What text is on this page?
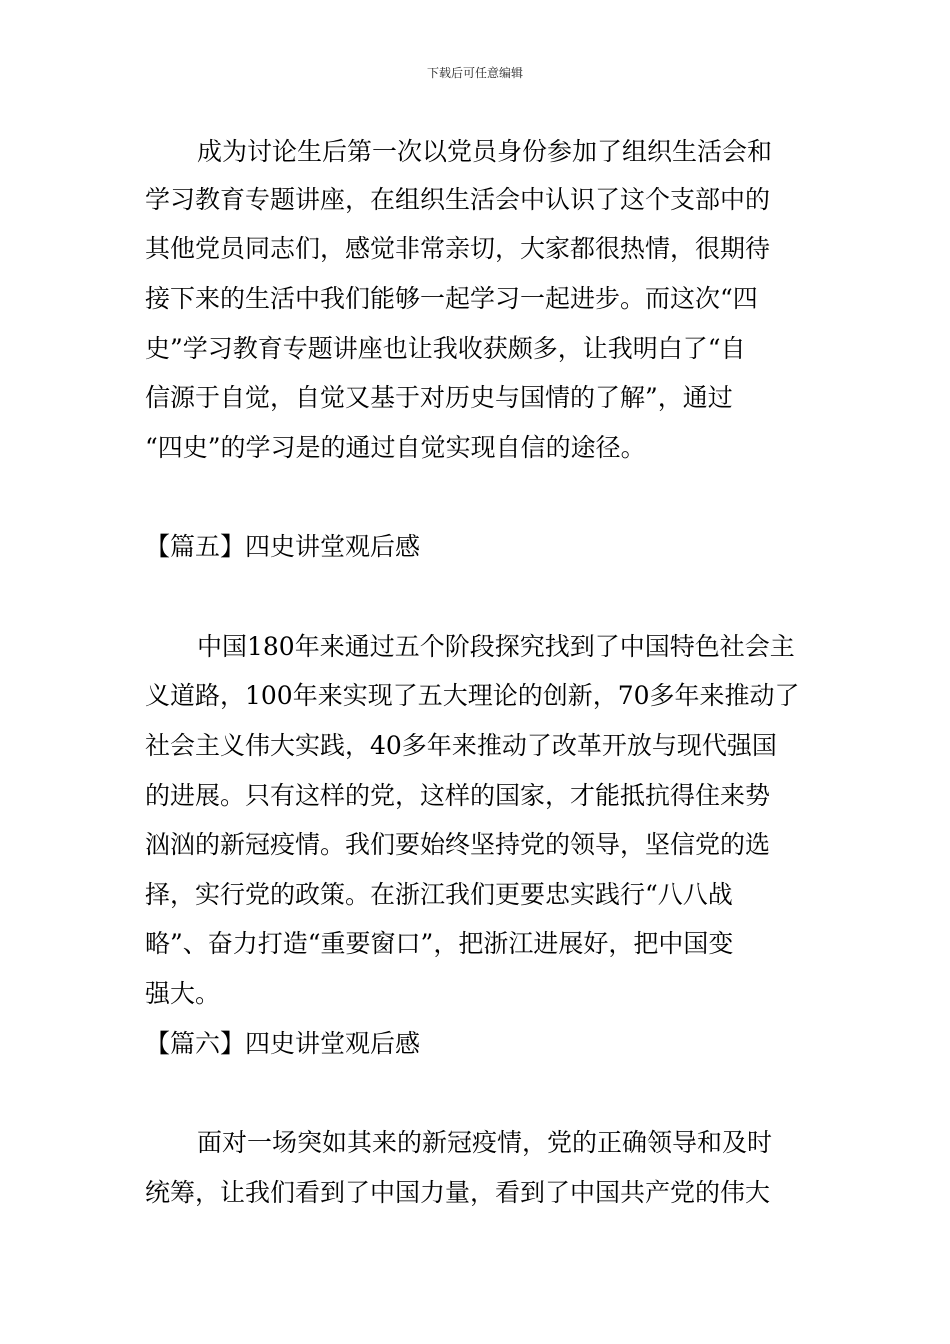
下载后可任意编辑
成为讨论生后第一次以党员身份参加了组织生活会和
学习教育专题讲座，在组织生活会中认识了这个支部中的
其他党员同志们，感觉非常亲切，大家都很热情，很期待
接下来的生活中我们能够一起学习一起进步。而这次“四
史”学习教育专题讲座也让我收获颇多，让我明白了“自
信源于自觉，自觉又基于对历史与国情的了解”，通过
“四史”的学习是的通过自觉实现自信的途径。
【篇五】四史讲堂观后感
中国180年来通过五个阶段探究找到了中国特色社会主
义道路，100年来实现了五大理论的创新，70多年来推动了
社会主义伟大实践，40多年来推动了改革开放与现代强国
的进展。只有这样的党，这样的国家，才能抵抗得住来势
汹汹的新冠疫情。我们要始终坚持党的领导，坚信党的选
择，实行党的政策。在浙江我们更要忠实践行“八八战
略”、奋力打造“重要窗口”，把浙江进展好，把中国变
强大。
【篇六】四史讲堂观后感
面对一场突如其来的新冠疫情，党的正确领导和及时
统筹，让我们看到了中国力量，看到了中国共产党的伟大
